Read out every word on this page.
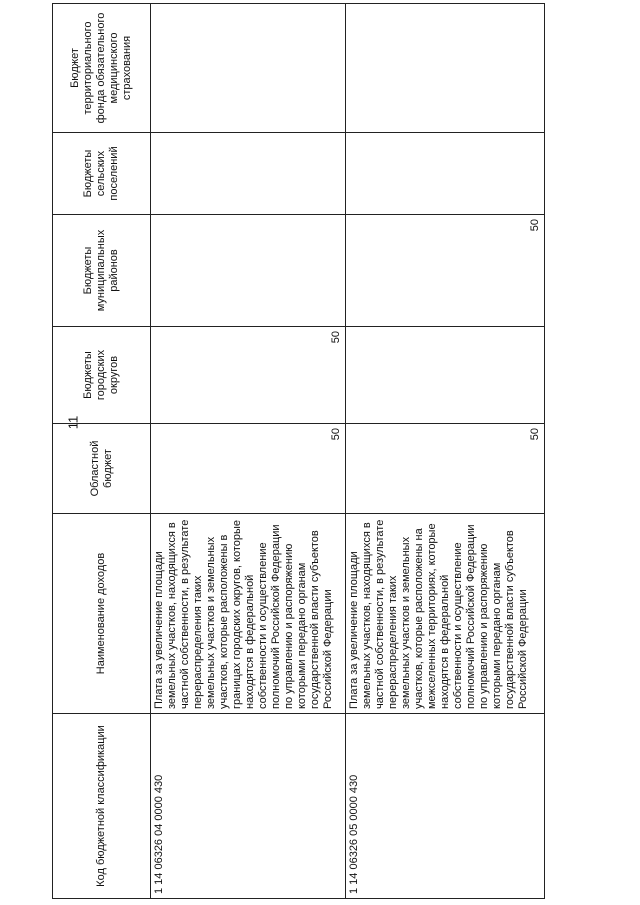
11
Код бюджетной классификации	Наименование доходов	Областной бюджет	Бюджеты городских округов	Бюджеты муниципальных районов	Бюджеты сельских поселений	Бюджет территориального фонда обязательного медицинского страхования
1 14 06326 04 0000 430	Плата за увеличение площади земельных участков, находящихся в частной собственности, в результате перераспределения таких земельных участков и земельных участков, которые расположены в границах городских округов, которые находятся в федеральной собственности и осуществление полномочий Российской Федерации по управлению и распоряжению которыми передано органам государственной власти субъектов Российской Федерации	50	50			
1 14 06326 05 0000 430	Плата за увеличение площади земельных участков, находящихся в частной собственности, в результате перераспределения таких земельных участков и земельных участков, которые расположены на межселенных территориях, которые находятся в федеральной собственности и осуществление полномочий Российской Федерации по управлению и распоряжению которыми передано органам государственной власти субъектов Российской Федерации	50		50		
